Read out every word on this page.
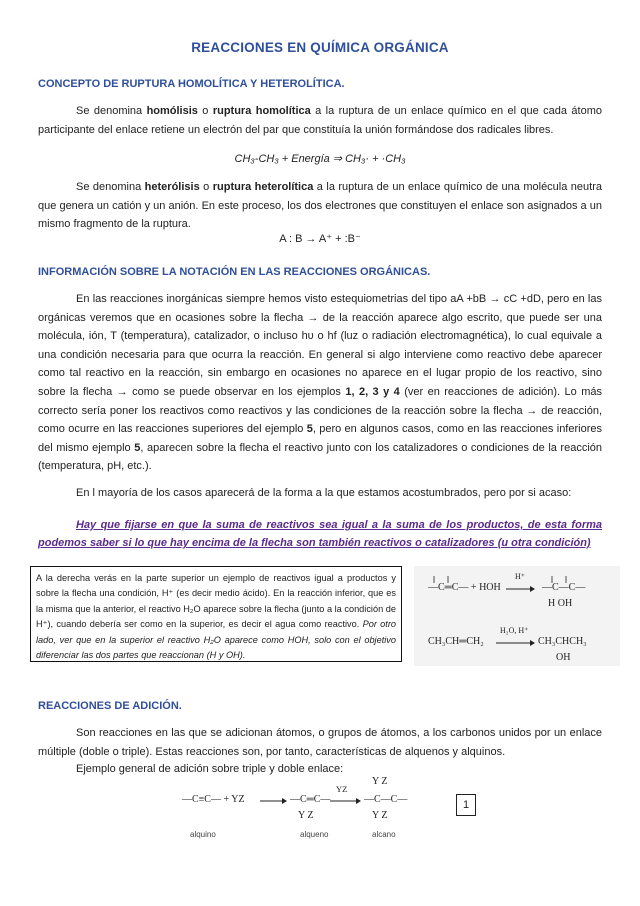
REACCIONES EN QUÍMICA ORGÁNICA
CONCEPTO DE RUPTURA HOMOLÍTICA Y HETEROLÍTICA.
Se denomina homólisis o ruptura homolítica a la ruptura de un enlace químico en el que cada átomo participante del enlace retiene un electrón del par que constituía la unión formándose dos radicales libres.
CH₃-CH₃ + Energía ⇒ CH₃· + ·CH₃
Se denomina heterólisis o ruptura heterolítica a la ruptura de un enlace químico de una molécula neutra que genera un catión y un anión. En este proceso, los dos electrones que constituyen el enlace son asignados a un mismo fragmento de la ruptura.
A : B → A⁺ + :B⁻
INFORMACIÓN SOBRE LA NOTACIÓN EN LAS REACCIONES ORGÁNICAS.
En las reacciones inorgánicas siempre hemos visto estequiometrias del tipo aA +bB → cC +dD, pero en las orgánicas veremos que en ocasiones sobre la flecha → de la reacción aparece algo escrito, que puede ser una molécula, ión, T (temperatura), catalizador, o incluso hυ o hf (luz o radiación electromagnética), lo cual equivale a una condición necesaria para que ocurra la reacción. En general si algo interviene como reactivo debe aparecer como tal reactivo en la reacción, sin embargo en ocasiones no aparece en el lugar propio de los reactivo, sino sobre la flecha → como se puede observar en los ejemplos 1, 2, 3 y 4 (ver en reacciones de adición). Lo más correcto sería poner los reactivos como reactivos y las condiciones de la reacción sobre la flecha → de reacción, como ocurre en las reacciones superiores del ejemplo 5, pero en algunos casos, como en las reacciones inferiores del mismo ejemplo 5, aparecen sobre la flecha el reactivo junto con los catalizadores o condiciones de la reacción (temperatura, pH, etc.).
En l mayoría de los casos aparecerá de la forma a la que estamos acostumbrados, pero por si acaso:
Hay que fijarse en que la suma de reactivos sea igual a la suma de los productos, de esta forma podemos saber si lo que hay encima de la flecha son también reactivos o catalizadores (u otra condición)
A la derecha verás en la parte superior un ejemplo de reactivos igual a productos y sobre la flecha una condición, H⁺ (es decir medio ácido). En la reacción inferior, que es la misma que la anterior, el reactivo H₂O aparece sobre la flecha (junto a la condición de H⁺), cuando debería ser como en la superior, es decir el agua como reactivo. Por otro lado, ver que en la superior el reactivo H₂O aparece como HOH, solo con el objetivo diferenciar las dos partes que reaccionan (H y OH).
—C═C— + HOH
H⁺
—C—C—
H OH
CH₃CH═CH₂
H₂O, H⁺
CH₃CHCH₃
OH
REACCIONES DE ADICIÓN.
Son reacciones en las que se adicionan átomos, o grupos de átomos, a los carbonos unidos por un enlace múltiple (doble o triple). Estas reacciones son, por tanto, características de alquenos y alquinos.
Ejemplo general de adición sobre triple y doble enlace:
—C≡C— + YZ	—C═C—
Y Z
YZ
Y Z
—C—C—
Y Z
alquino	alqueno	alcano
1
